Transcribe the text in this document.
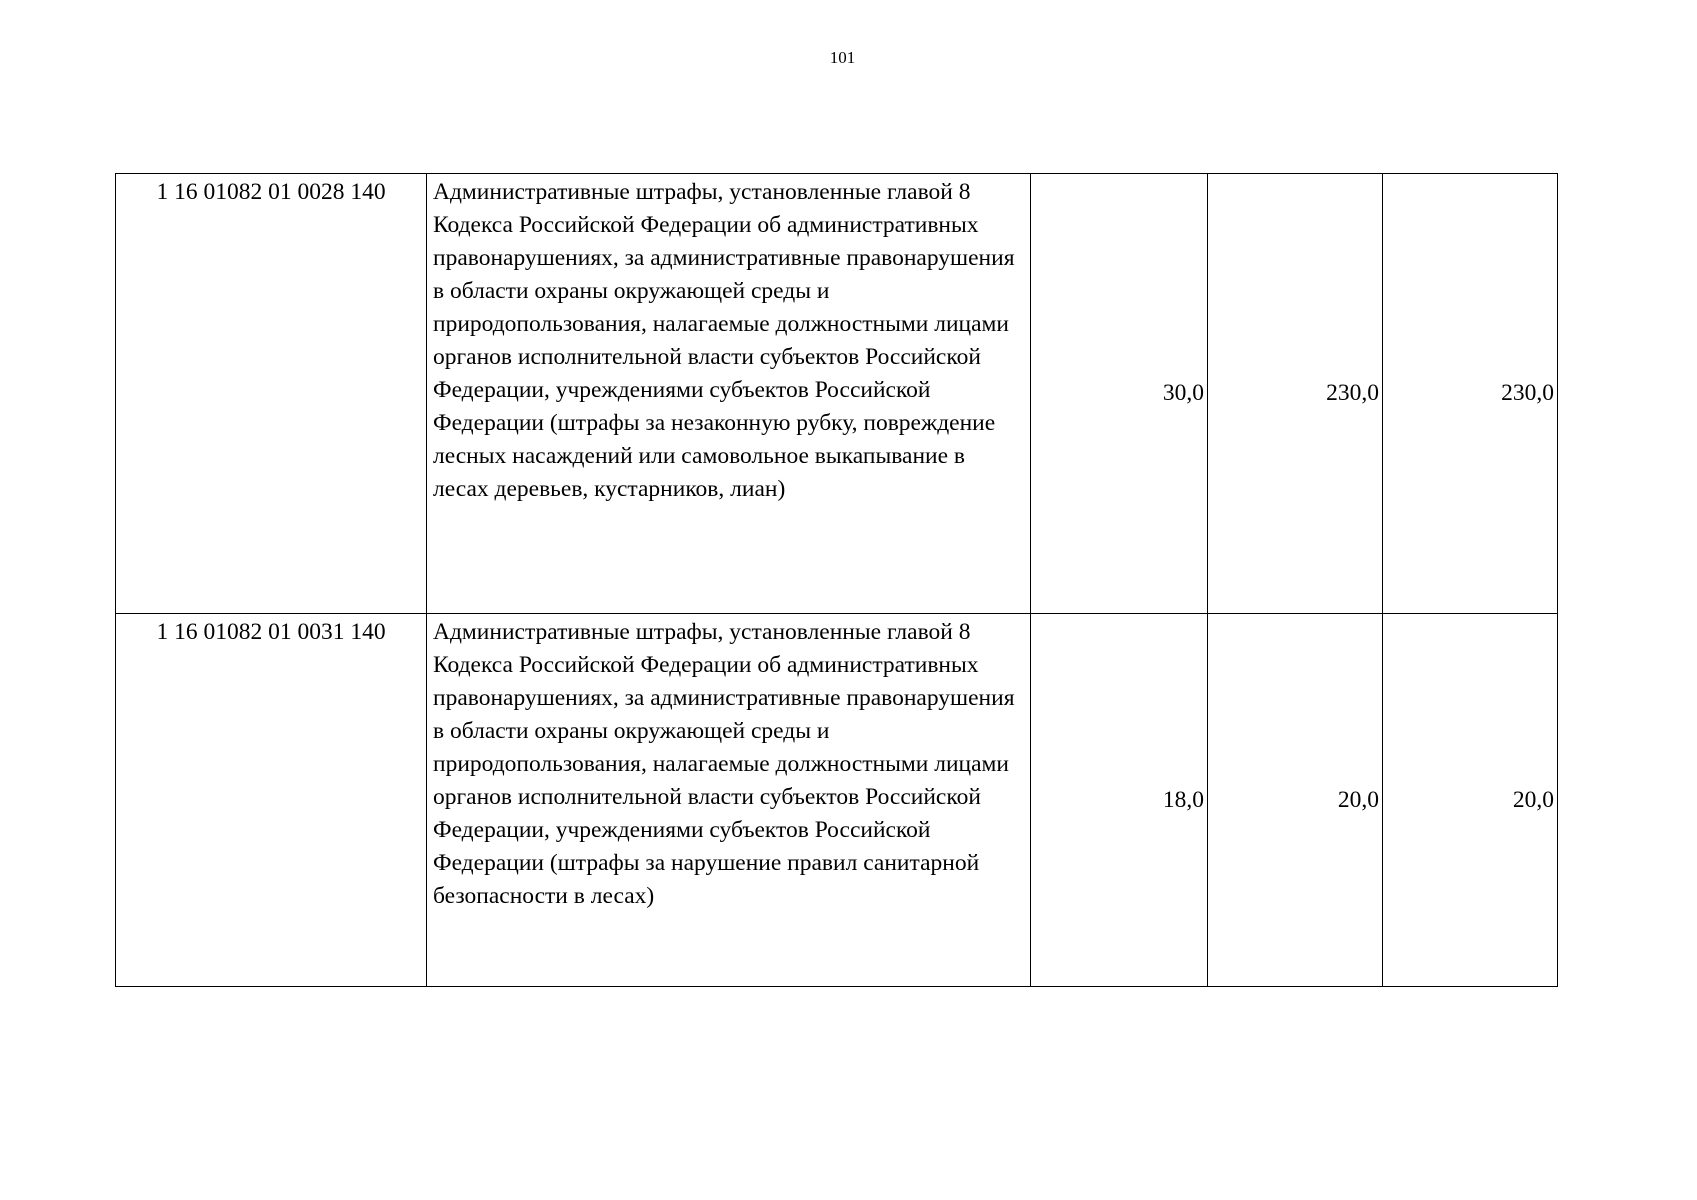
101
1 16 01082 01 0028 140	Административные штрафы, установленные главой 8 Кодекса Российской Федерации об административных правонарушениях, за административные правонарушения в области охраны окружающей среды и природопользования, налагаемые должностными лицами органов исполнительной власти субъектов Российской Федерации, учреждениями субъектов Российской Федерации (штрафы за незаконную рубку, повреждение лесных насаждений или самовольное выкапывание в лесах деревьев, кустарников, лиан)	30,0	230,0	230,0
1 16 01082 01 0031 140	Административные штрафы, установленные главой 8 Кодекса Российской Федерации об административных правонарушениях, за административные правонарушения в области охраны окружающей среды и природопользования, налагаемые должностными лицами органов исполнительной власти субъектов Российской Федерации, учреждениями субъектов Российской Федерации (штрафы за нарушение правил санитарной безопасности в лесах)	18,0	20,0	20,0
